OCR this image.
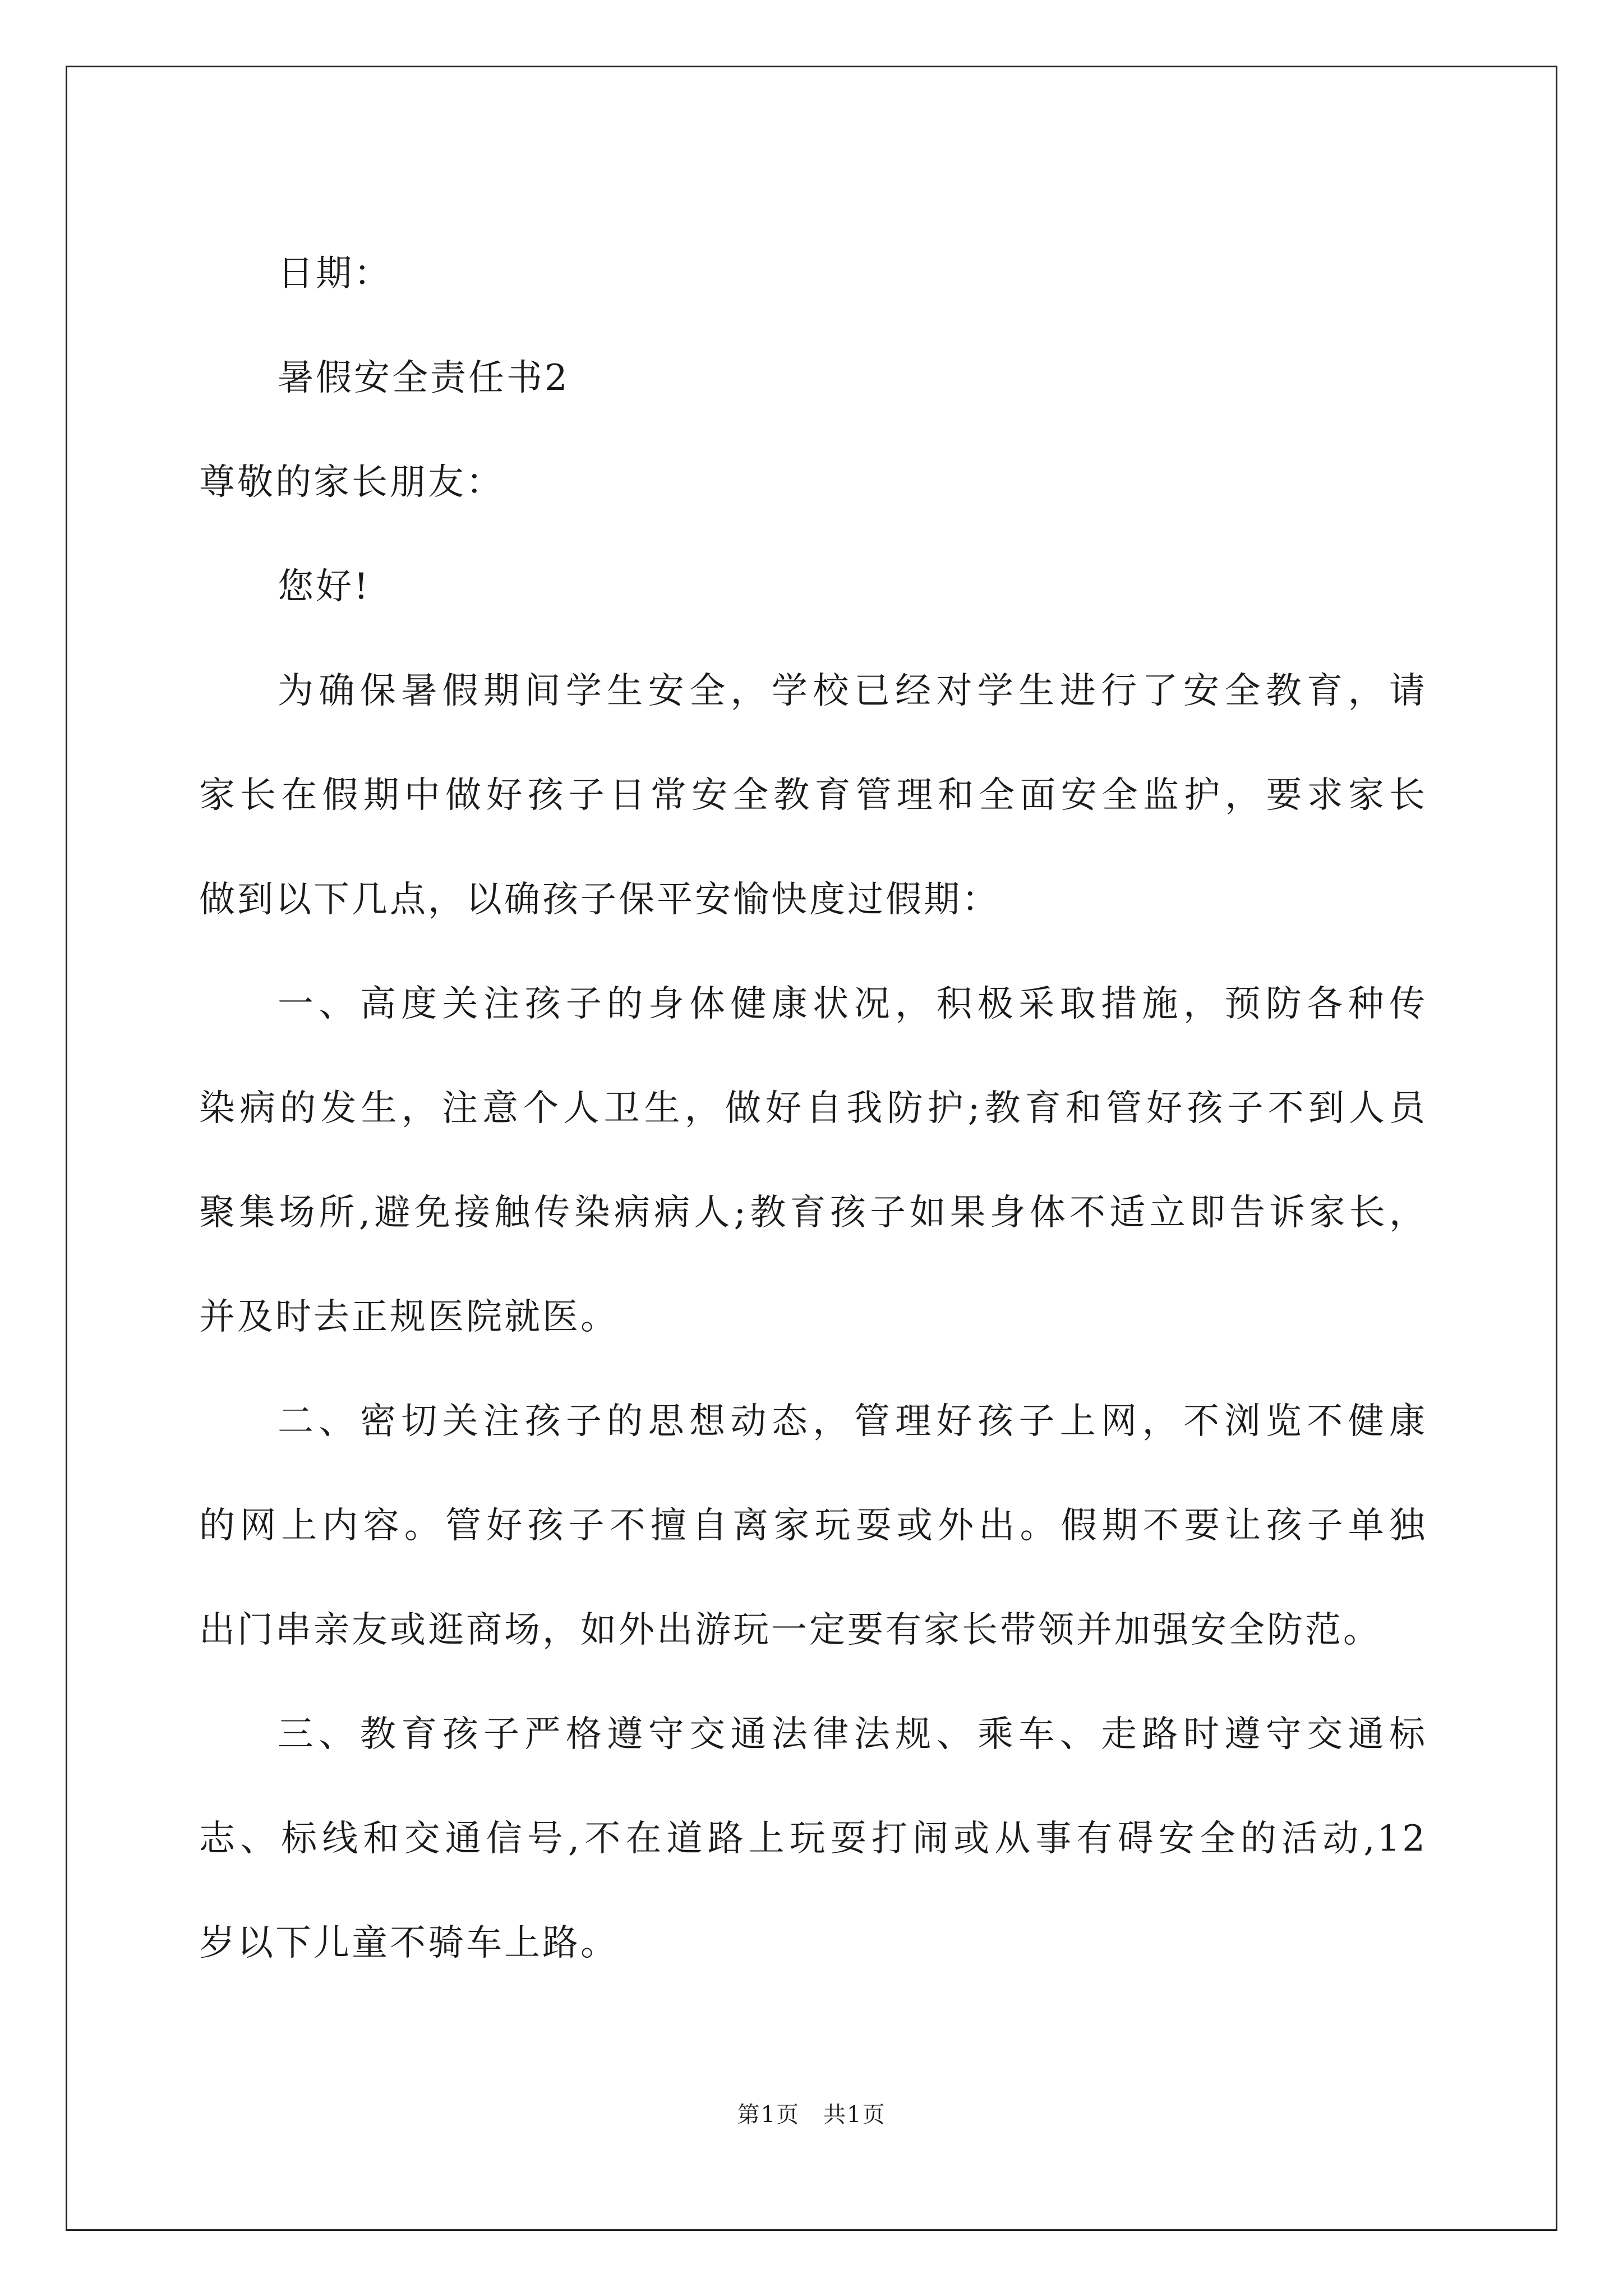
日期：
暑假安全责任书2
尊敬的家长朋友：
您好!
为确保暑假期间学生安全，学校已经对学生进行了安全教育，请
家长在假期中做好孩子日常安全教育管理和全面安全监护，要求家长
做到以下几点，以确孩子保平安愉快度过假期：
一、高度关注孩子的身体健康状况，积极采取措施，预防各种传
染病的发生，注意个人卫生，做好自我防护;教育和管好孩子不到人员
聚集场所,避免接触传染病病人;教育孩子如果身体不适立即告诉家长，
并及时去正规医院就医。
二、密切关注孩子的思想动态，管理好孩子上网，不浏览不健康
的网上内容。管好孩子不擅自离家玩耍或外出。假期不要让孩子单独
出门串亲友或逛商场，如外出游玩一定要有家长带领并加强安全防范。
三、教育孩子严格遵守交通法律法规、乘车、走路时遵守交通标
志、标线和交通信号,不在道路上玩耍打闹或从事有碍安全的活动,12
岁以下儿童不骑车上路。
第1页　共1页
